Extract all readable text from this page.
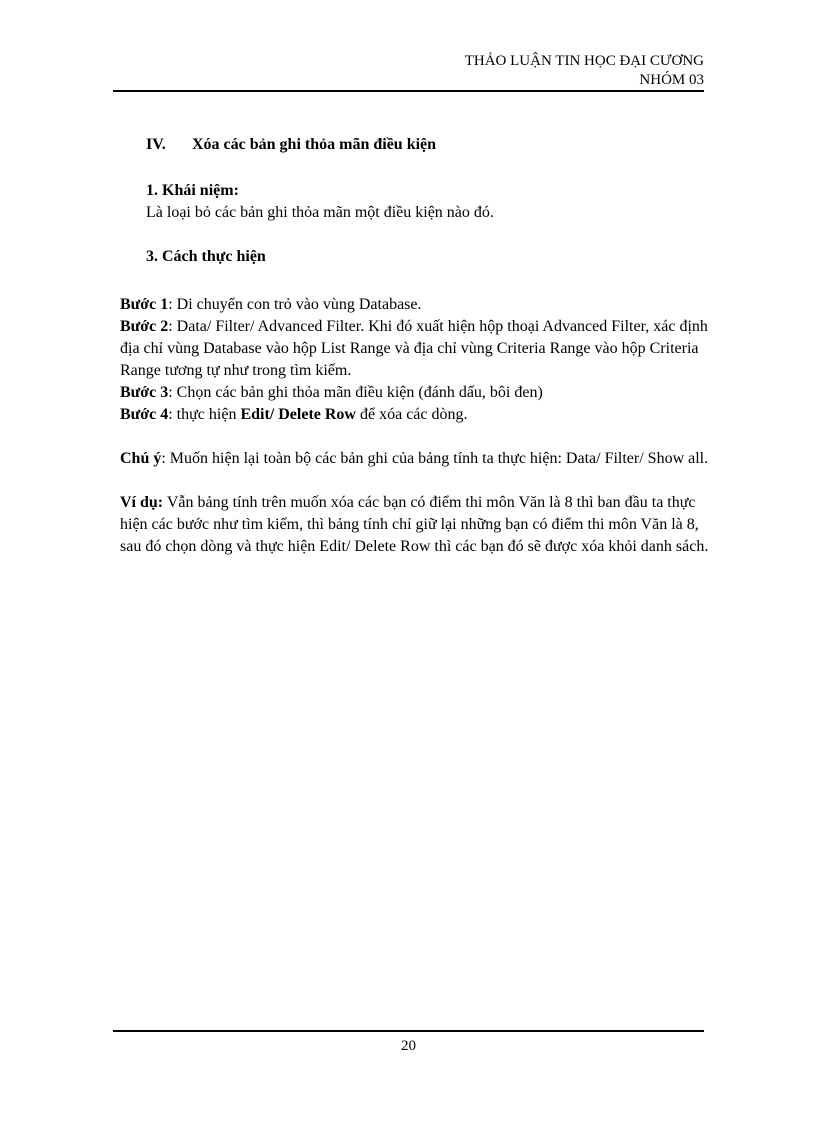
THẢO LUẬN TIN HỌC ĐẠI CƯƠNG
NHÓM 03
IV. Xóa các bản ghi thỏa mãn điều kiện

1. Khái niệm:

Là loại bỏ các bản ghi thỏa mãn một điều kiện nào đó.

3. Cách thực hiện

Bước 1: Di chuyển con trỏ vào vùng Database.

Bước 2: Data/ Filter/ Advanced Filter. Khi đó xuất hiện hộp thoại Advanced Filter, xác định địa chỉ vùng Database vào hộp List Range và địa chỉ vùng Criteria Range vào hộp Criteria Range tương tự như trong tìm kiếm.

Bước 3: Chọn các bản ghi thỏa mãn điều kiện (đánh dấu, bôi đen)

Bước 4: thực hiện Edit/ Delete Row để xóa các dòng.

Chú ý: Muốn hiện lại toàn bộ các bản ghi của bảng tính ta thực hiện: Data/ Filter/ Show all.

Ví dụ: Vẫn bảng tính trên muốn xóa các bạn có điểm thi môn Văn là 8 thì ban đầu ta thực hiện các bước như tìm kiếm, thì bảng tính chỉ giữ lại những bạn có điểm thi môn Văn là 8, sau đó chọn dòng và thực hiện Edit/ Delete Row thì các bạn đó sẽ được xóa khỏi danh sách.

20
